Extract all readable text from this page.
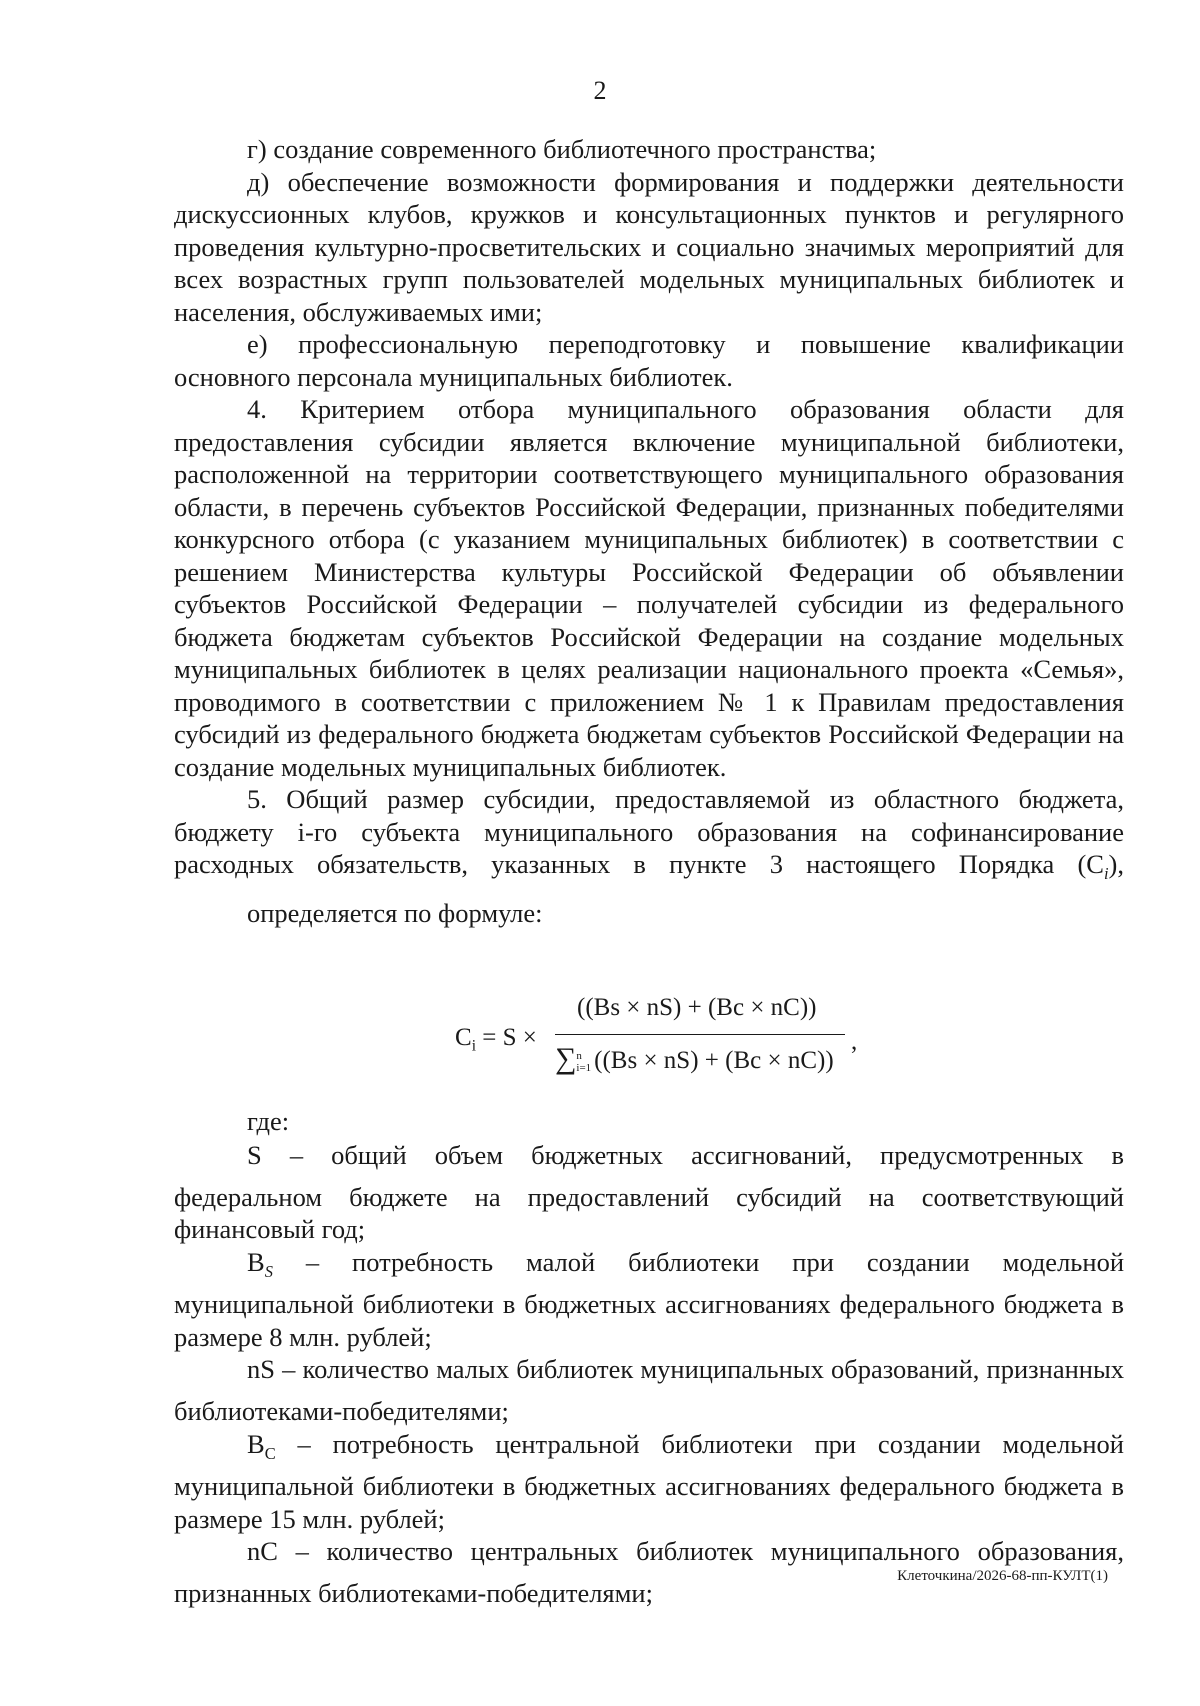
2

г) создание современного библиотечного пространства;

д) обеспечение возможности формирования и поддержки деятельности дискуссионных клубов, кружков и консультационных пунктов и регулярного проведения культурно-просветительских и социально значимых мероприятий для всех возрастных групп пользователей модельных муниципальных библиотек и населения, обслуживаемых ими;

е) профессиональную переподготовку и повышение квалификации основного персонала муниципальных библиотек.

4. Критерием отбора муниципального образования области для предоставления субсидии является включение муниципальной библиотеки, расположенной на территории соответствующего муниципального образования области, в перечень субъектов Российской Федерации, признанных победителями конкурсного отбора (с указанием муниципальных библиотек) в соответствии с решением Министерства культуры Российской Федерации об объявлении субъектов Российской Федерации – получателей субсидии из федерального бюджета бюджетам субъектов Российской Федерации на создание модельных муниципальных библиотек в целях реализации национального проекта «Семья», проводимого в соответствии с приложением № 1 к Правилам предоставления субсидий из федерального бюджета бюджетам субъектов Российской Федерации на создание модельных муниципальных библиотек.

5. Общий размер субсидии, предоставляемой из областного бюджета, бюджету i-го субъекта муниципального образования на софинансирование расходных обязательств, указанных в пункте 3 настоящего Порядка $(C_i)$,

определяется по формуле:

$C_i = S$ ×
((Bs × nS) + (Bc × nC))
∑n
i=1 ((Bs × nS) + (Bc × nC))
,

где:

S – общий объем бюджетных ассигнований, предусмотренных в федеральном бюджете на предоставлений субсидий на соответствующий финансовый год;

$B_S$ – потребность малой библиотеки при создании модельной муниципальной библиотеки в бюджетных ассигнованиях федерального бюджета в размере 8 млн. рублей;

nS – количество малых библиотек муниципальных образований, признанных библиотеками-победителями;

$B_C$ – потребность центральной библиотеки при создании модельной муниципальной библиотеки в бюджетных ассигнованиях федерального бюджета в размере 15 млн. рублей;

nC – количество центральных библиотек муниципального образования, признанных библиотеками-победителями;

Клеточкина/2026-68-пп-КУЛТ(1)
